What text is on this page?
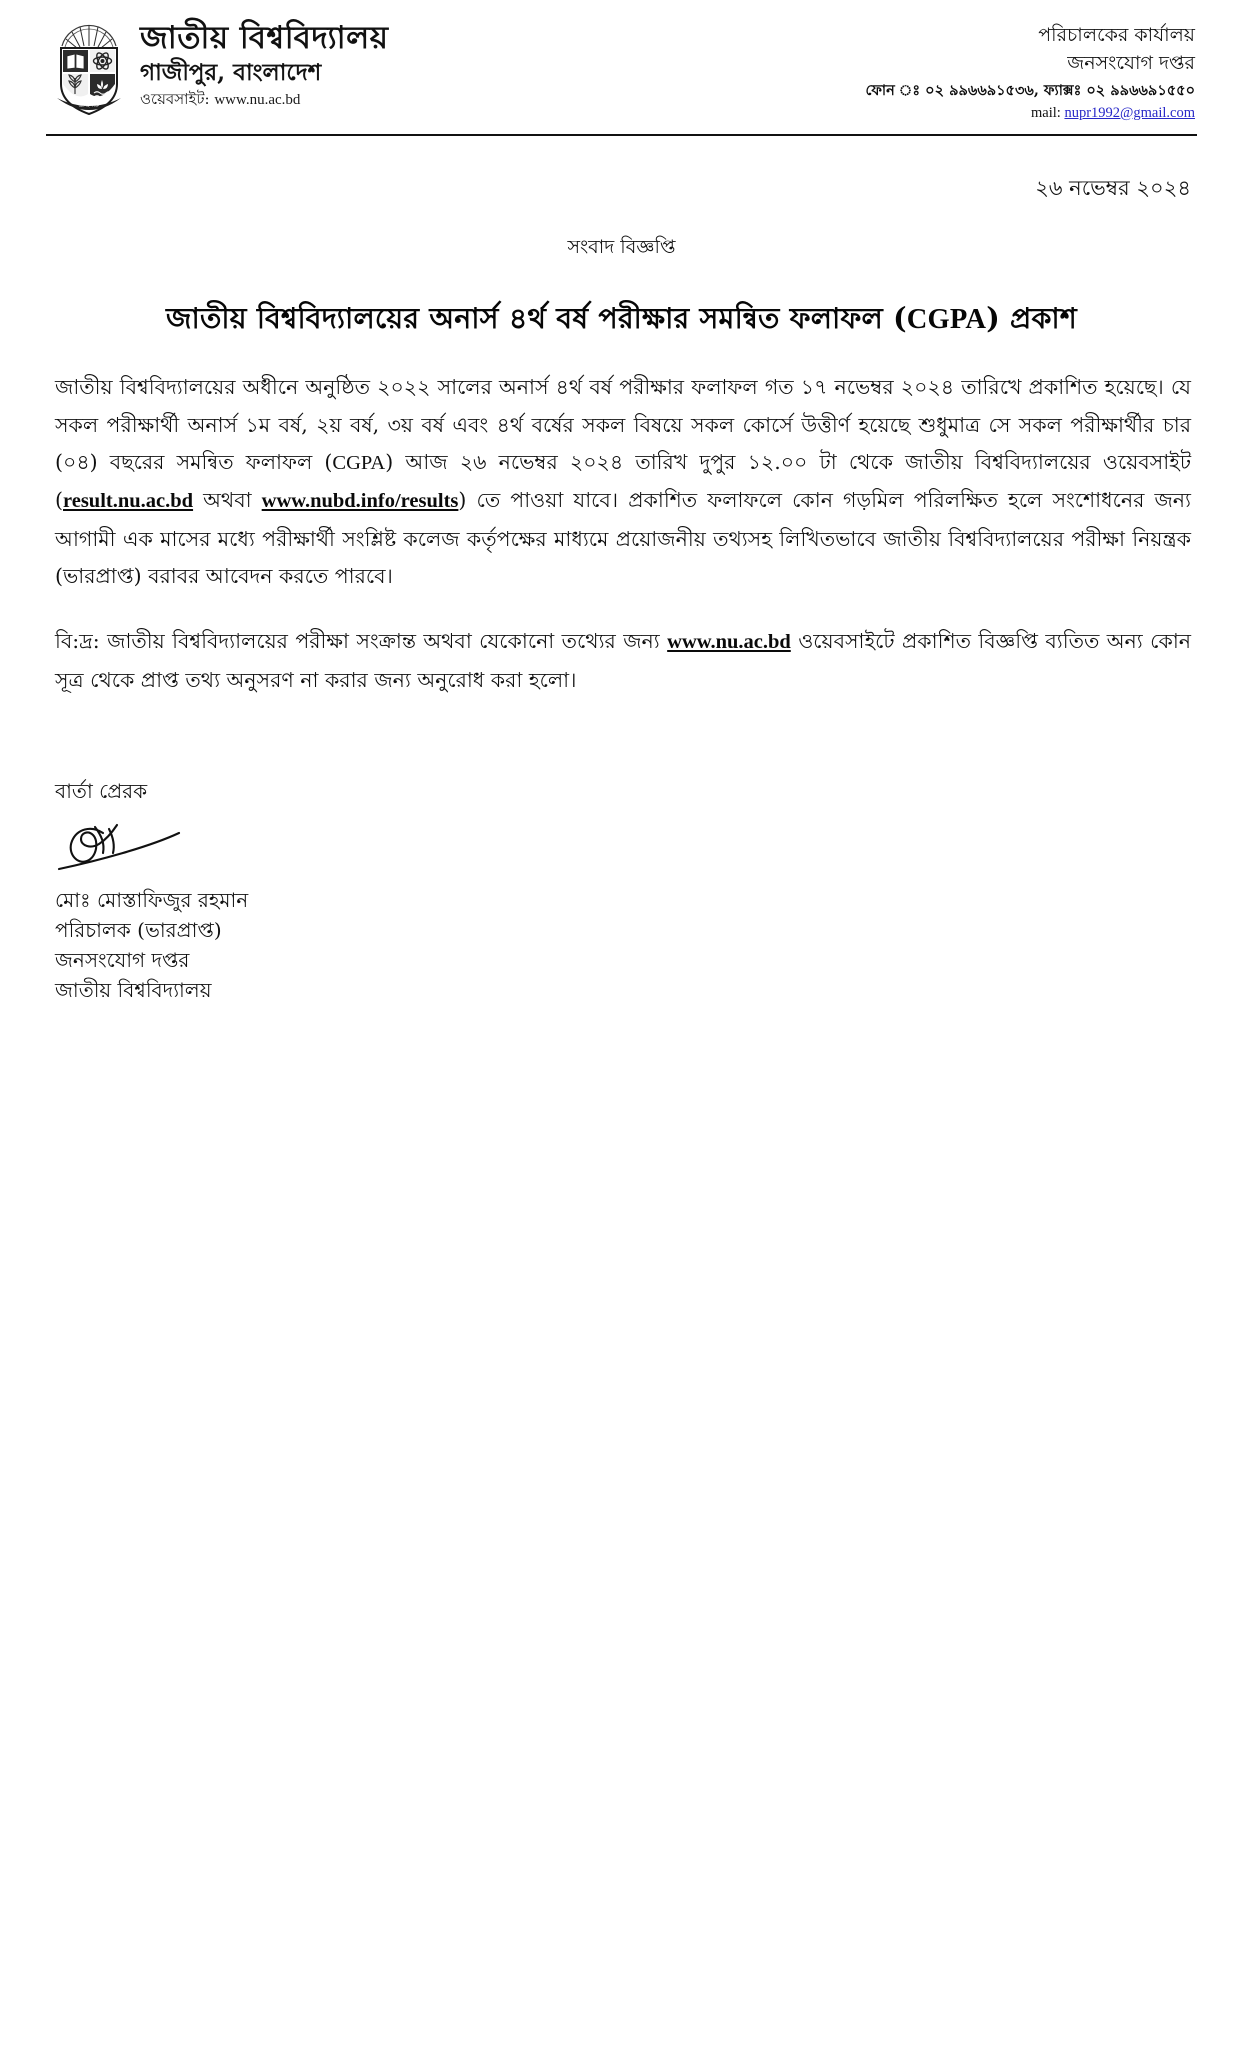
জ্ঞানই শক্তি
জাতীয় বিশ্ববিদ্যালয়
গাজীপুর, বাংলাদেশ
ওয়েবসাইট: www.nu.ac.bd
পরিচালকের কার্যালয়
জনসংযোগ দপ্তর
ফোন ঃ ০২ ৯৯৬৬৯১৫৩৬, ফ্যাক্সঃ ০২ ৯৯৬৬৯১৫৫০
mail: nupr1992@gmail.com
২৬ নভেম্বর ২০২৪
সংবাদ বিজ্ঞপ্তি
জাতীয় বিশ্ববিদ্যালয়ের অনার্স ৪র্থ বর্ষ পরীক্ষার সমন্বিত ফলাফল (CGPA) প্রকাশ

জাতীয় বিশ্ববিদ্যালয়ের অধীনে অনুষ্ঠিত ২০২২ সালের অনার্স ৪র্থ বর্ষ পরীক্ষার ফলাফল গত ১৭ নভেম্বর ২০২৪ তারিখে প্রকাশিত হয়েছে। যে সকল পরীক্ষার্থী অনার্স ১ম বর্ষ, ২য় বর্ষ, ৩য় বর্ষ এবং ৪র্থ বর্ষের সকল বিষয়ে সকল কোর্সে উত্তীর্ণ হয়েছে শুধুমাত্র সে সকল পরীক্ষার্থীর চার (০৪) বছরের সমন্বিত ফলাফল (CGPA) আজ ২৬ নভেম্বর ২০২৪ তারিখ দুপুর ১২.০০ টা থেকে জাতীয় বিশ্ববিদ্যালয়ের ওয়েবসাইট (result.nu.ac.bd অথবা www.nubd.info/results) তে পাওয়া যাবে। প্রকাশিত ফলাফলে কোন গড়মিল পরিলক্ষিত হলে সংশোধনের জন্য আগামী এক মাসের মধ্যে পরীক্ষার্থী সংশ্লিষ্ট কলেজ কর্তৃপক্ষের মাধ্যমে প্রয়োজনীয় তথ্যসহ লিখিতভাবে জাতীয় বিশ্ববিদ্যালয়ের পরীক্ষা নিয়ন্ত্রক (ভারপ্রাপ্ত) বরাবর আবেদন করতে পারবে।

বি:দ্র: জাতীয় বিশ্ববিদ্যালয়ের পরীক্ষা সংক্রান্ত অথবা যেকোনো তথ্যের জন্য www.nu.ac.bd ওয়েবসাইটে প্রকাশিত বিজ্ঞপ্তি ব্যতিত অন্য কোন সূত্র থেকে প্রাপ্ত তথ্য অনুসরণ না করার জন্য অনুরোধ করা হলো।

বার্তা প্রেরক
মোঃ মোস্তাফিজুর রহমান
পরিচালক (ভারপ্রাপ্ত)
জনসংযোগ দপ্তর
জাতীয় বিশ্ববিদ্যালয়
